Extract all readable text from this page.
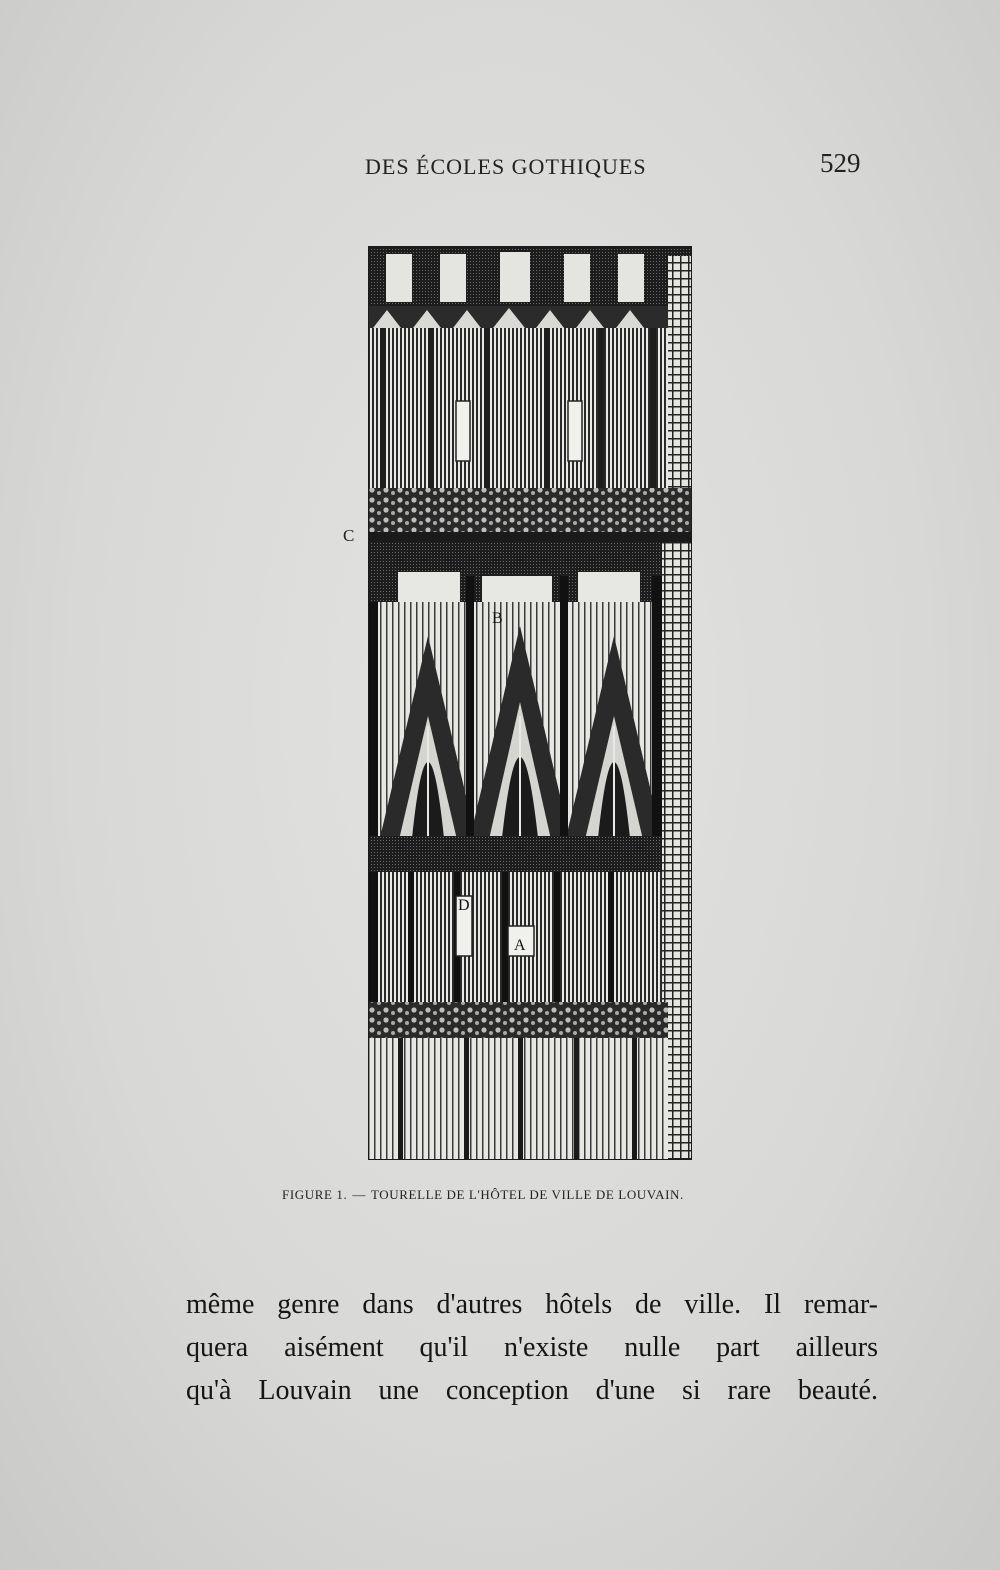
DES ÉCOLES GOTHIQUES	529
C
B
D
A
FIGURE 1. — TOURELLE DE L'HÔTEL DE VILLE DE LOUVAIN.
même genre dans d'autres hôtels de ville. Il remar-
quera aisément qu'il n'existe nulle part ailleurs
qu'à Louvain une conception d'une si rare beauté.
